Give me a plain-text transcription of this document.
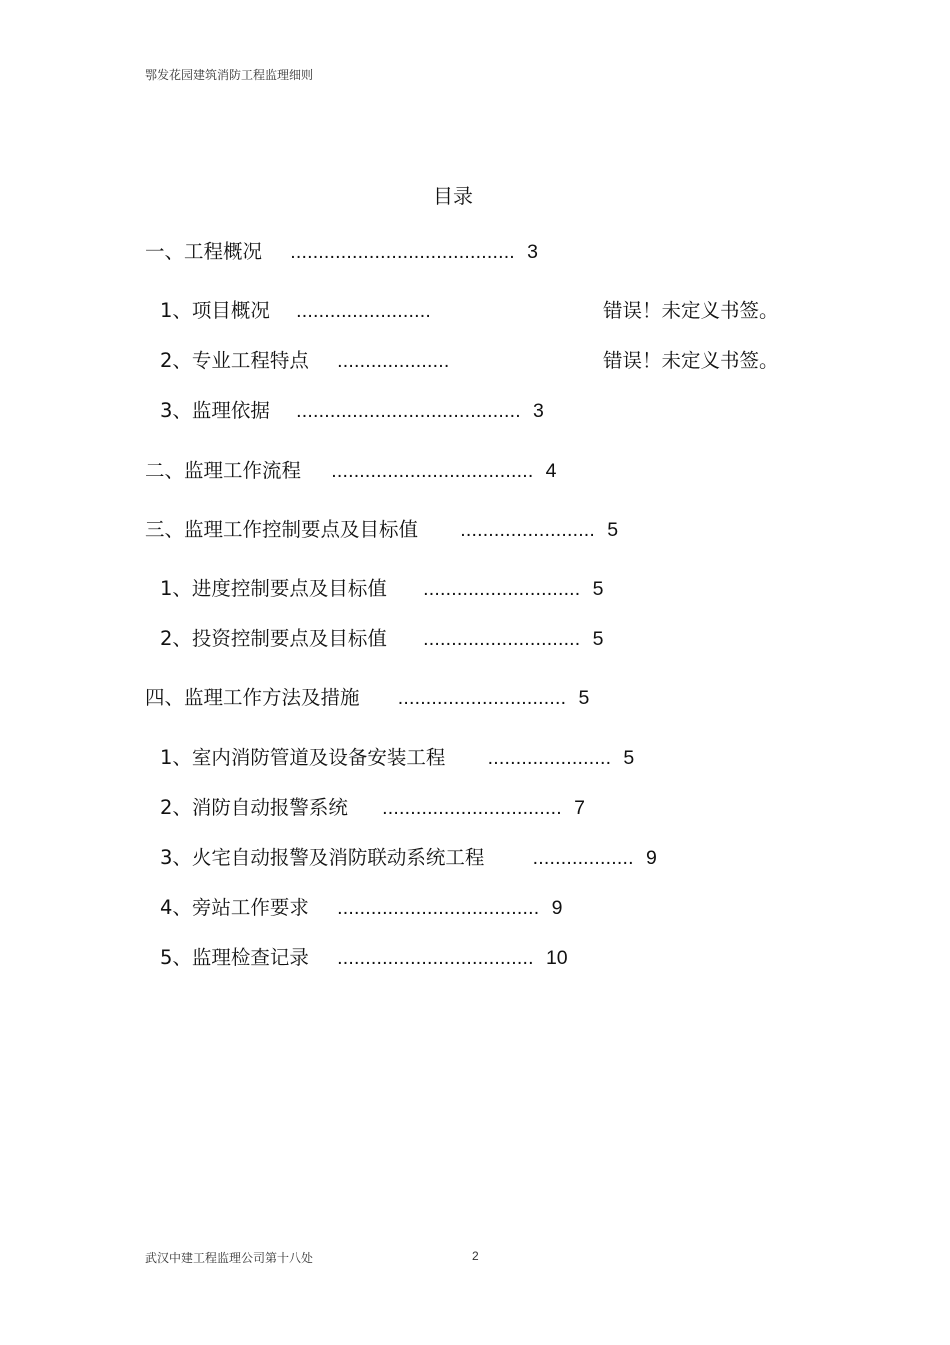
鄂发花园建筑消防工程监理细则
目录
一、工程概况 ........................................ 3
1、项目概况 ........................	错误！未定义书签。
2、专业工程特点 ....................	错误！未定义书签。
3、监理依据 ........................................ 3
二、监理工作流程 .................................... 4
三、监理工作控制要点及目标值 ........................ 5
1、进度控制要点及目标值 ............................ 5
2、投资控制要点及目标值 ............................ 5
四、监理工作方法及措施 .............................. 5
1、室内消防管道及设备安装工程 ...................... 5
2、消防自动报警系统 ................................ 7
3、火宅自动报警及消防联动系统工程 .................. 9
4、旁站工作要求 .................................... 9
5、监理检查记录 ................................... 10
武汉中建工程监理公司第十八处	2
